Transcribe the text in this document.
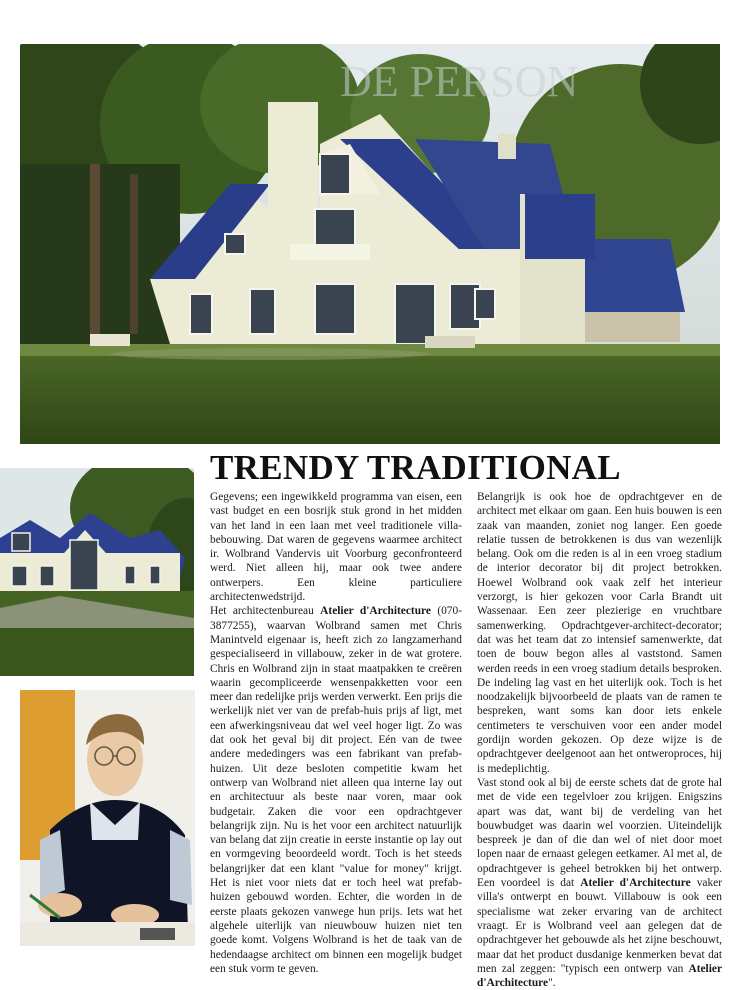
DE PERSON
TRENDY TRADITIONAL

Gegevens; een ingewikkeld programma van eisen, een vast budget en een bosrijk stuk grond in het midden van het land in een laan met veel traditionele villa-bebouwing. Dat waren de gegevens waarmee architect ir. Wolbrand Vandervis uit Voorburg geconfronteerd werd. Niet alleen hij, maar ook twee andere ontwerpers. Een kleine particuliere architectenwedstrijd.

Het architectenbureau Atelier d'Architecture (070-3877255), waarvan Wolbrand samen met Chris Manintveld eigenaar is, heeft zich zo langzamerhand gespecialiseerd in villabouw, zeker in de wat grotere. Chris en Wolbrand zijn in staat maatpakken te creëren waarin gecompliceerde wensenpakketten voor een meer dan redelijke prijs werden verwerkt. Een prijs die werkelijk niet ver van de prefab-huis prijs af ligt, met een afwerkingsniveau dat wel veel hoger ligt. Zo was dat ook het geval bij dit project. Eén van de twee andere mededingers was een fabrikant van prefab-huizen. Uit deze besloten competitie kwam het ontwerp van Wolbrand niet alleen qua interne lay out en architectuur als beste naar voren, maar ook budgetair. Zaken die voor een opdrachtgever belangrijk zijn. Nu is het voor een architect natuurlijk van belang dat zijn creatie in eerste instantie op lay out en vormgeving beoordeeld wordt. Toch is het steeds belangrijker dat een klant "value for money" krijgt. Het is niet voor niets dat er toch heel wat prefab-huizen gebouwd worden. Echter, die worden in de eerste plaats gekozen vanwege hun prijs. Iets wat het algehele uiterlijk van nieuwbouw huizen niet ten goede komt. Volgens Wolbrand is het de taak van de hedendaagse architect om binnen een mogelijk budget een stuk vorm te geven.

Belangrijk is ook hoe de opdrachtgever en de architect met elkaar om gaan. Een huis bouwen is een zaak van maanden, zoniet nog langer. Een goede relatie tussen de betrokkenen is dus van wezenlijk belang. Ook om die reden is al in een vroeg stadium de interior decorator bij dit project betrokken. Hoewel Wolbrand ook vaak zelf het interieur verzorgt, is hier gekozen voor Carla Brandt uit Wassenaar. Een zeer plezierige en vruchtbare samenwerking. Opdrachtgever-architect-decorator; dat was het team dat zo intensief samenwerkte, dat toen de bouw begon alles al vaststond. Samen werden reeds in een vroeg stadium details besproken. De indeling lag vast en het uiterlijk ook. Toch is het noodzakelijk bijvoorbeeld de plaats van de ramen te bespreken, want soms kan door iets enkele centimeters te verschuiven voor een ander model gordijn worden gekozen. Op deze wijze is de opdrachtgever deelgenoot aan het ontweroproces, hij is medeplichtig.

Vast stond ook al bij de eerste schets dat de grote hal met de vide een tegelvloer zou krijgen. Enigszins apart was dat, want bij de verdeling van het bouwbudget was daarin wel voorzien. Uiteindelijk bespreek je dan of die dan wel of niet door moet lopen naar de ernaast gelegen eetkamer. Al met al, de opdrachtgever is geheel betrokken bij het ontwerp. Een voordeel is dat Atelier d'Architecture vaker villa's ontwerpt en bouwt. Villabouw is ook een specialisme wat zeker ervaring van de architect vraagt. Er is Wolbrand veel aan gelegen dat de opdrachtgever het gebouwde als het zijne beschouwt, maar dat het product dusdanige kenmerken bevat dat men zal zeggen: "typisch een ontwerp van Atelier d'Architecture".
